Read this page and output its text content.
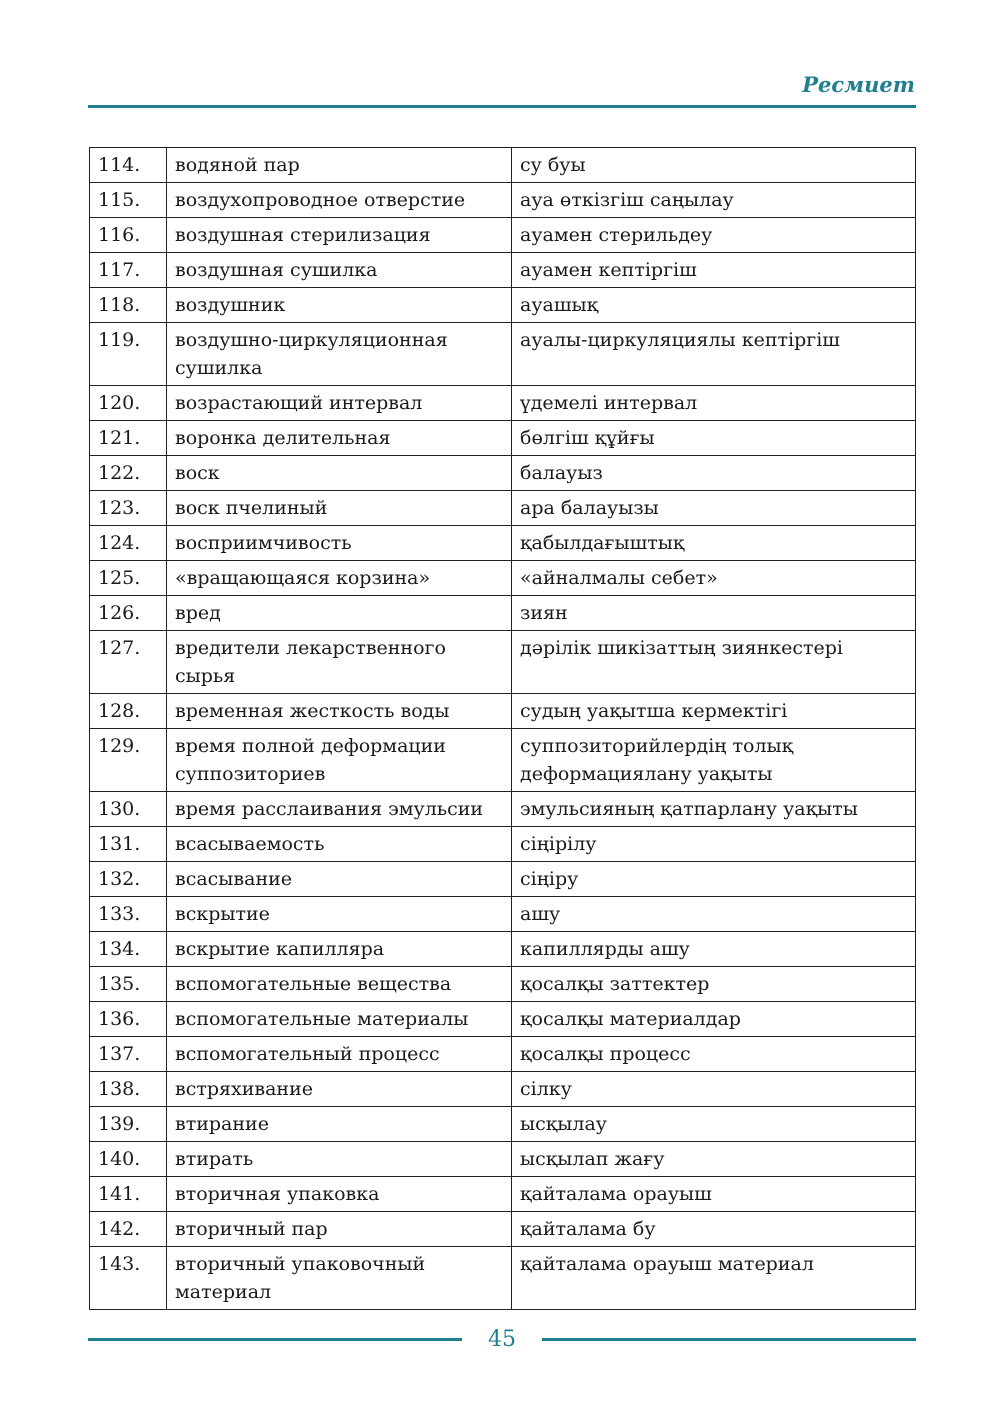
Ресмиет
114.	водяной пар	су буы
115.	воздухопроводное отверстие	ауа өткізгіш саңылау
116.	воздушная стерилизация	ауамен стерильдеу
117.	воздушная сушилка	ауамен кептіргіш
118.	воздушник	ауашық
119.	воздушно-циркуляционная сушилка	ауалы-циркуляциялы кептіргіш
120.	возрастающий интервал	үдемелі интервал
121.	воронка делительная	бөлгіш құйғы
122.	воск	балауыз
123.	воск пчелиный	ара балауызы
124.	восприимчивость	қабылдағыштық
125.	«вращающаяся корзина»	«айналмалы себет»
126.	вред	зиян
127.	вредители лекарственного сырья	дәрілік шикізаттың зиянкестері
128.	временная жесткость воды	судың уақытша кермектігі
129.	время полной деформации суппозиториев	суппозиторийлердің толық деформациялану уақыты
130.	время расслаивания эмульсии	эмульсияның қатпарлану уақыты
131.	всасываемость	сіңірілу
132.	всасывание	сіңіру
133.	вскрытие	ашу
134.	вскрытие капилляра	капиллярды ашу
135.	вспомогательные вещества	қосалқы заттектер
136.	вспомогательные материалы	қосалқы материалдар
137.	вспомогательный процесс	қосалқы процесс
138.	встряхивание	сілку
139.	втирание	ысқылау
140.	втирать	ысқылап жағу
141.	вторичная упаковка	қайталама орауыш
142.	вторичный пар	қайталама бу
143.	вторичный упаковочный материал	қайталама орауыш материал
45
